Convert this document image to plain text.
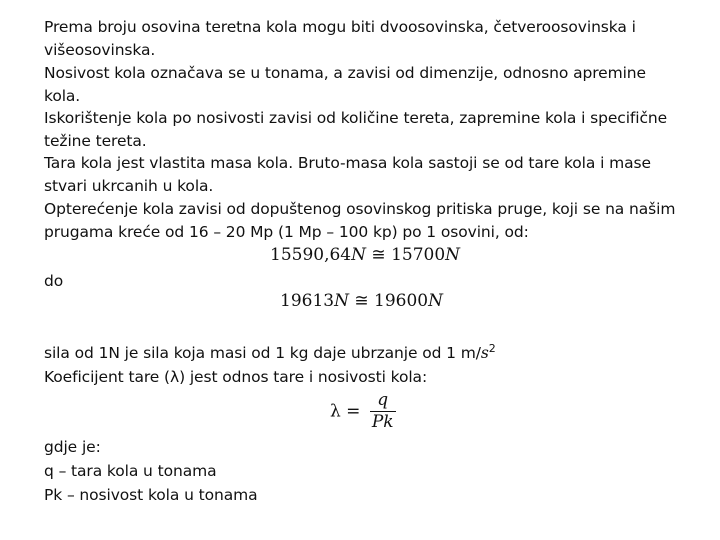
Prema broju osovina teretna kola mogu biti dvoosovinska, četveroosovinska i višeosovinska.
Nosivost kola označava se u tonama, a zavisi od dimenzije, odnosno apremine kola.
Iskorištenje kola po nosivosti zavisi od količine tereta, zapremine kola i specifične težine tereta.
Tara kola jest vlastita masa kola. Bruto-masa kola sastoji se od tare kola i mase stvari ukrcanih u kola.
Opterećenje kola zavisi od dopuštenog osovinskog pritiska pruge, koji se na našim prugama kreće od 16 – 20 Mp (1 Mp – 100 kp) po 1 osovini, od:
15590,64N ≅ 15700N
do
19613N ≅ 19600N
sila od 1N je sila koja masi od 1 kg daje ubrzanje od 1 $m/s^2$
Koeficijent tare (λ) jest odnos tare i nosivosti kola:
$\lambda = \frac{q}{Pk}$
gdje je:
q – tara kola u tonama
Pk – nosivost kola u tonama
